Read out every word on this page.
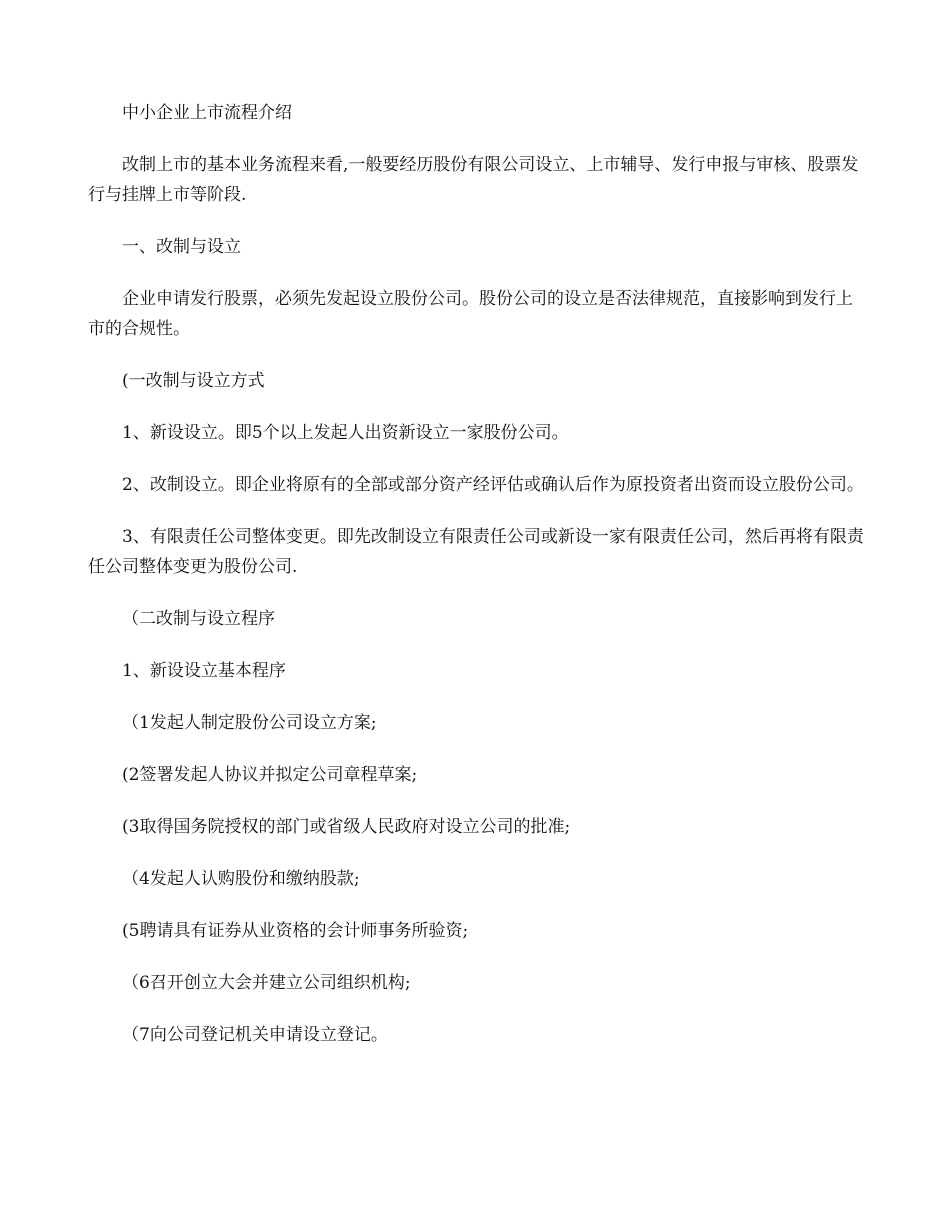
中小企业上市流程介绍

改制上市的基本业务流程来看,一般要经历股份有限公司设立、上市辅导、发行申报与审核、股票发行与挂牌上市等阶段.

一、改制与设立

企业申请发行股票，必须先发起设立股份公司。股份公司的设立是否法律规范，直接影响到发行上市的合规性。

(一改制与设立方式

1、新设设立。即5个以上发起人出资新设立一家股份公司。

2、改制设立。即企业将原有的全部或部分资产经评估或确认后作为原投资者出资而设立股份公司。

3、有限责任公司整体变更。即先改制设立有限责任公司或新设一家有限责任公司，然后再将有限责任公司整体变更为股份公司.

（二改制与设立程序

1、新设设立基本程序

（1发起人制定股份公司设立方案;

(2签署发起人协议并拟定公司章程草案;

(3取得国务院授权的部门或省级人民政府对设立公司的批准;

（4发起人认购股份和缴纳股款;

(5聘请具有证券从业资格的会计师事务所验资;

（6召开创立大会并建立公司组织机构;

（7向公司登记机关申请设立登记。
